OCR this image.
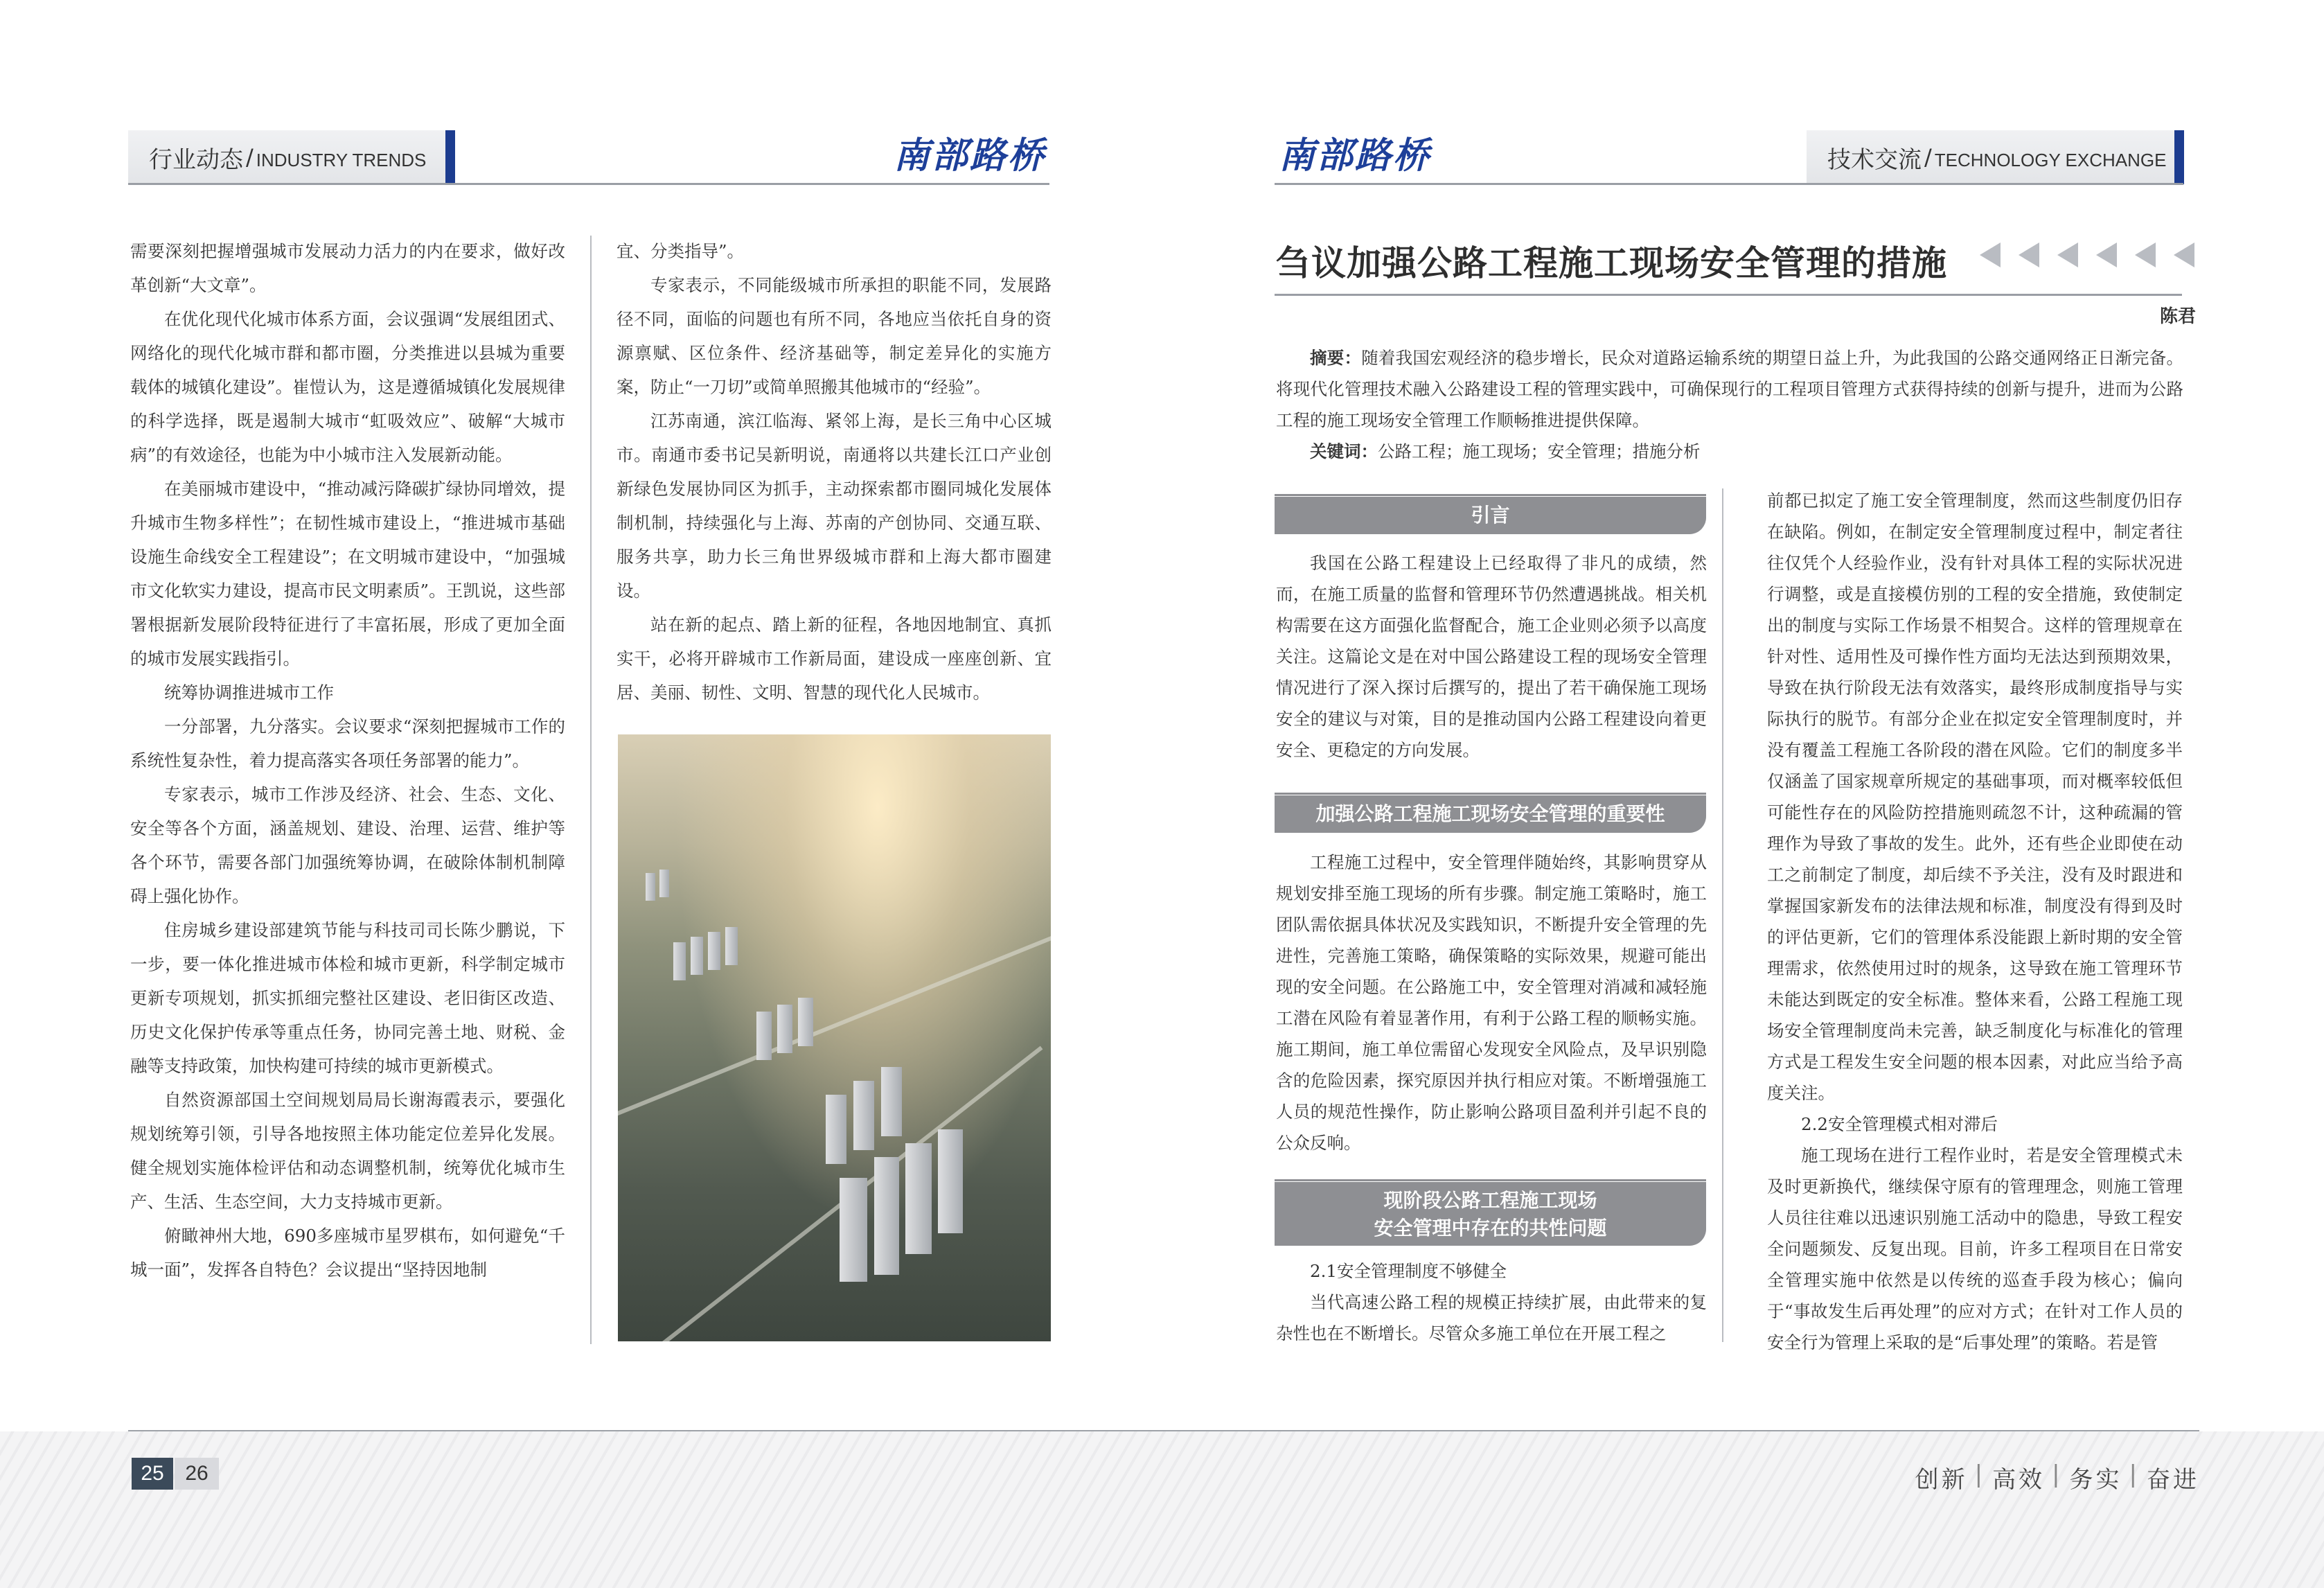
行业动态 / INDUSTRY TRENDS	南部路桥

需要深刻把握增强城市发展动力活力的内在要求，做好改革创新“大文章”。

在优化现代化城市体系方面，会议强调“发展组团式、网络化的现代化城市群和都市圈，分类推进以县城为重要载体的城镇化建设”。崔愷认为，这是遵循城镇化发展规律的科学选择，既是遏制大城市“虹吸效应”、破解“大城市病”的有效途径，也能为中小城市注入发展新动能。

在美丽城市建设中，“推动减污降碳扩绿协同增效，提升城市生物多样性”；在韧性城市建设上，“推进城市基础设施生命线安全工程建设”；在文明城市建设中，“加强城市文化软实力建设，提高市民文明素质”。王凯说，这些部署根据新发展阶段特征进行了丰富拓展，形成了更加全面的城市发展实践指引。

统筹协调推进城市工作

一分部署，九分落实。会议要求“深刻把握城市工作的系统性复杂性，着力提高落实各项任务部署的能力”。

专家表示，城市工作涉及经济、社会、生态、文化、安全等各个方面，涵盖规划、建设、治理、运营、维护等各个环节，需要各部门加强统筹协调，在破除体制机制障碍上强化协作。

住房城乡建设部建筑节能与科技司司长陈少鹏说，下一步，要一体化推进城市体检和城市更新，科学制定城市更新专项规划，抓实抓细完整社区建设、老旧街区改造、历史文化保护传承等重点任务，协同完善土地、财税、金融等支持政策，加快构建可持续的城市更新模式。

自然资源部国土空间规划局局长谢海霞表示，要强化规划统筹引领，引导各地按照主体功能定位差异化发展。健全规划实施体检评估和动态调整机制，统筹优化城市生产、生活、生态空间，大力支持城市更新。

俯瞰神州大地，690多座城市星罗棋布，如何避免“千城一面”，发挥各自特色？会议提出“坚持因地制

宜、分类指导”。

专家表示，不同能级城市所承担的职能不同，发展路径不同，面临的问题也有所不同，各地应当依托自身的资源禀赋、区位条件、经济基础等，制定差异化的实施方案，防止“一刀切”或简单照搬其他城市的“经验”。

江苏南通，滨江临海、紧邻上海，是长三角中心区城市。南通市委书记吴新明说，南通将以共建长江口产业创新绿色发展协同区为抓手，主动探索都市圈同城化发展体制机制，持续强化与上海、苏南的产创协同、交通互联、服务共享，助力长三角世界级城市群和上海大都市圈建设。

站在新的起点、踏上新的征程，各地因地制宜、真抓实干，必将开辟城市工作新局面，建设成一座座创新、宜居、美丽、韧性、文明、智慧的现代化人民城市。

南部路桥	技术交流 / TECHNOLOGY EXCHANGE
刍议加强公路工程施工现场安全管理的措施
陈君

摘要：随着我国宏观经济的稳步增长，民众对道路运输系统的期望日益上升，为此我国的公路交通网络正日渐完备。将现代化管理技术融入公路建设工程的管理实践中，可确保现行的工程项目管理方式获得持续的创新与提升，进而为公路工程的施工现场安全管理工作顺畅推进提供保障。

关键词：公路工程；施工现场；安全管理；措施分析

引言

我国在公路工程建设上已经取得了非凡的成绩，然而，在施工质量的监督和管理环节仍然遭遇挑战。相关机构需要在这方面强化监督配合，施工企业则必须予以高度关注。这篇论文是在对中国公路建设工程的现场安全管理情况进行了深入探讨后撰写的，提出了若干确保施工现场安全的建议与对策，目的是推动国内公路工程建设向着更安全、更稳定的方向发展。

加强公路工程施工现场安全管理的重要性

工程施工过程中，安全管理伴随始终，其影响贯穿从规划安排至施工现场的所有步骤。制定施工策略时，施工团队需依据具体状况及实践知识，不断提升安全管理的先进性，完善施工策略，确保策略的实际效果，规避可能出现的安全问题。在公路施工中，安全管理对消减和减轻施工潜在风险有着显著作用，有利于公路工程的顺畅实施。施工期间，施工单位需留心发现安全风险点，及早识别隐含的危险因素，探究原因并执行相应对策。不断增强施工人员的规范性操作，防止影响公路项目盈利并引起不良的公众反响。

现阶段公路工程施工现场
安全管理中存在的共性问题

2.1安全管理制度不够健全

当代高速公路工程的规模正持续扩展，由此带来的复杂性也在不断增长。尽管众多施工单位在开展工程之

前都已拟定了施工安全管理制度，然而这些制度仍旧存在缺陷。例如，在制定安全管理制度过程中，制定者往往仅凭个人经验作业，没有针对具体工程的实际状况进行调整，或是直接模仿别的工程的安全措施，致使制定出的制度与实际工作场景不相契合。这样的管理规章在针对性、适用性及可操作性方面均无法达到预期效果，导致在执行阶段无法有效落实，最终形成制度指导与实际执行的脱节。有部分企业在拟定安全管理制度时，并没有覆盖工程施工各阶段的潜在风险。它们的制度多半仅涵盖了国家规章所规定的基础事项，而对概率较低但可能性存在的风险防控措施则疏忽不计，这种疏漏的管理作为导致了事故的发生。此外，还有些企业即使在动工之前制定了制度，却后续不予关注，没有及时跟进和掌握国家新发布的法律法规和标准，制度没有得到及时的评估更新，它们的管理体系没能跟上新时期的安全管理需求，依然使用过时的规条，这导致在施工管理环节未能达到既定的安全标准。整体来看，公路工程施工现场安全管理制度尚未完善，缺乏制度化与标准化的管理方式是工程发生安全问题的根本因素，对此应当给予高度关注。

2.2安全管理模式相对滞后

施工现场在进行工程作业时，若是安全管理模式未及时更新换代，继续保守原有的管理理念，则施工管理人员往往难以迅速识别施工活动中的隐患，导致工程安全问题频发、反复出现。目前，许多工程项目在日常安全管理实施中依然是以传统的巡查手段为核心；偏向于“事故发生后再处理”的应对方式；在针对工作人员的安全行为管理上采取的是“后事处理”的策略。若是管

25	26	创新 | 高效 | 务实 | 奋进
